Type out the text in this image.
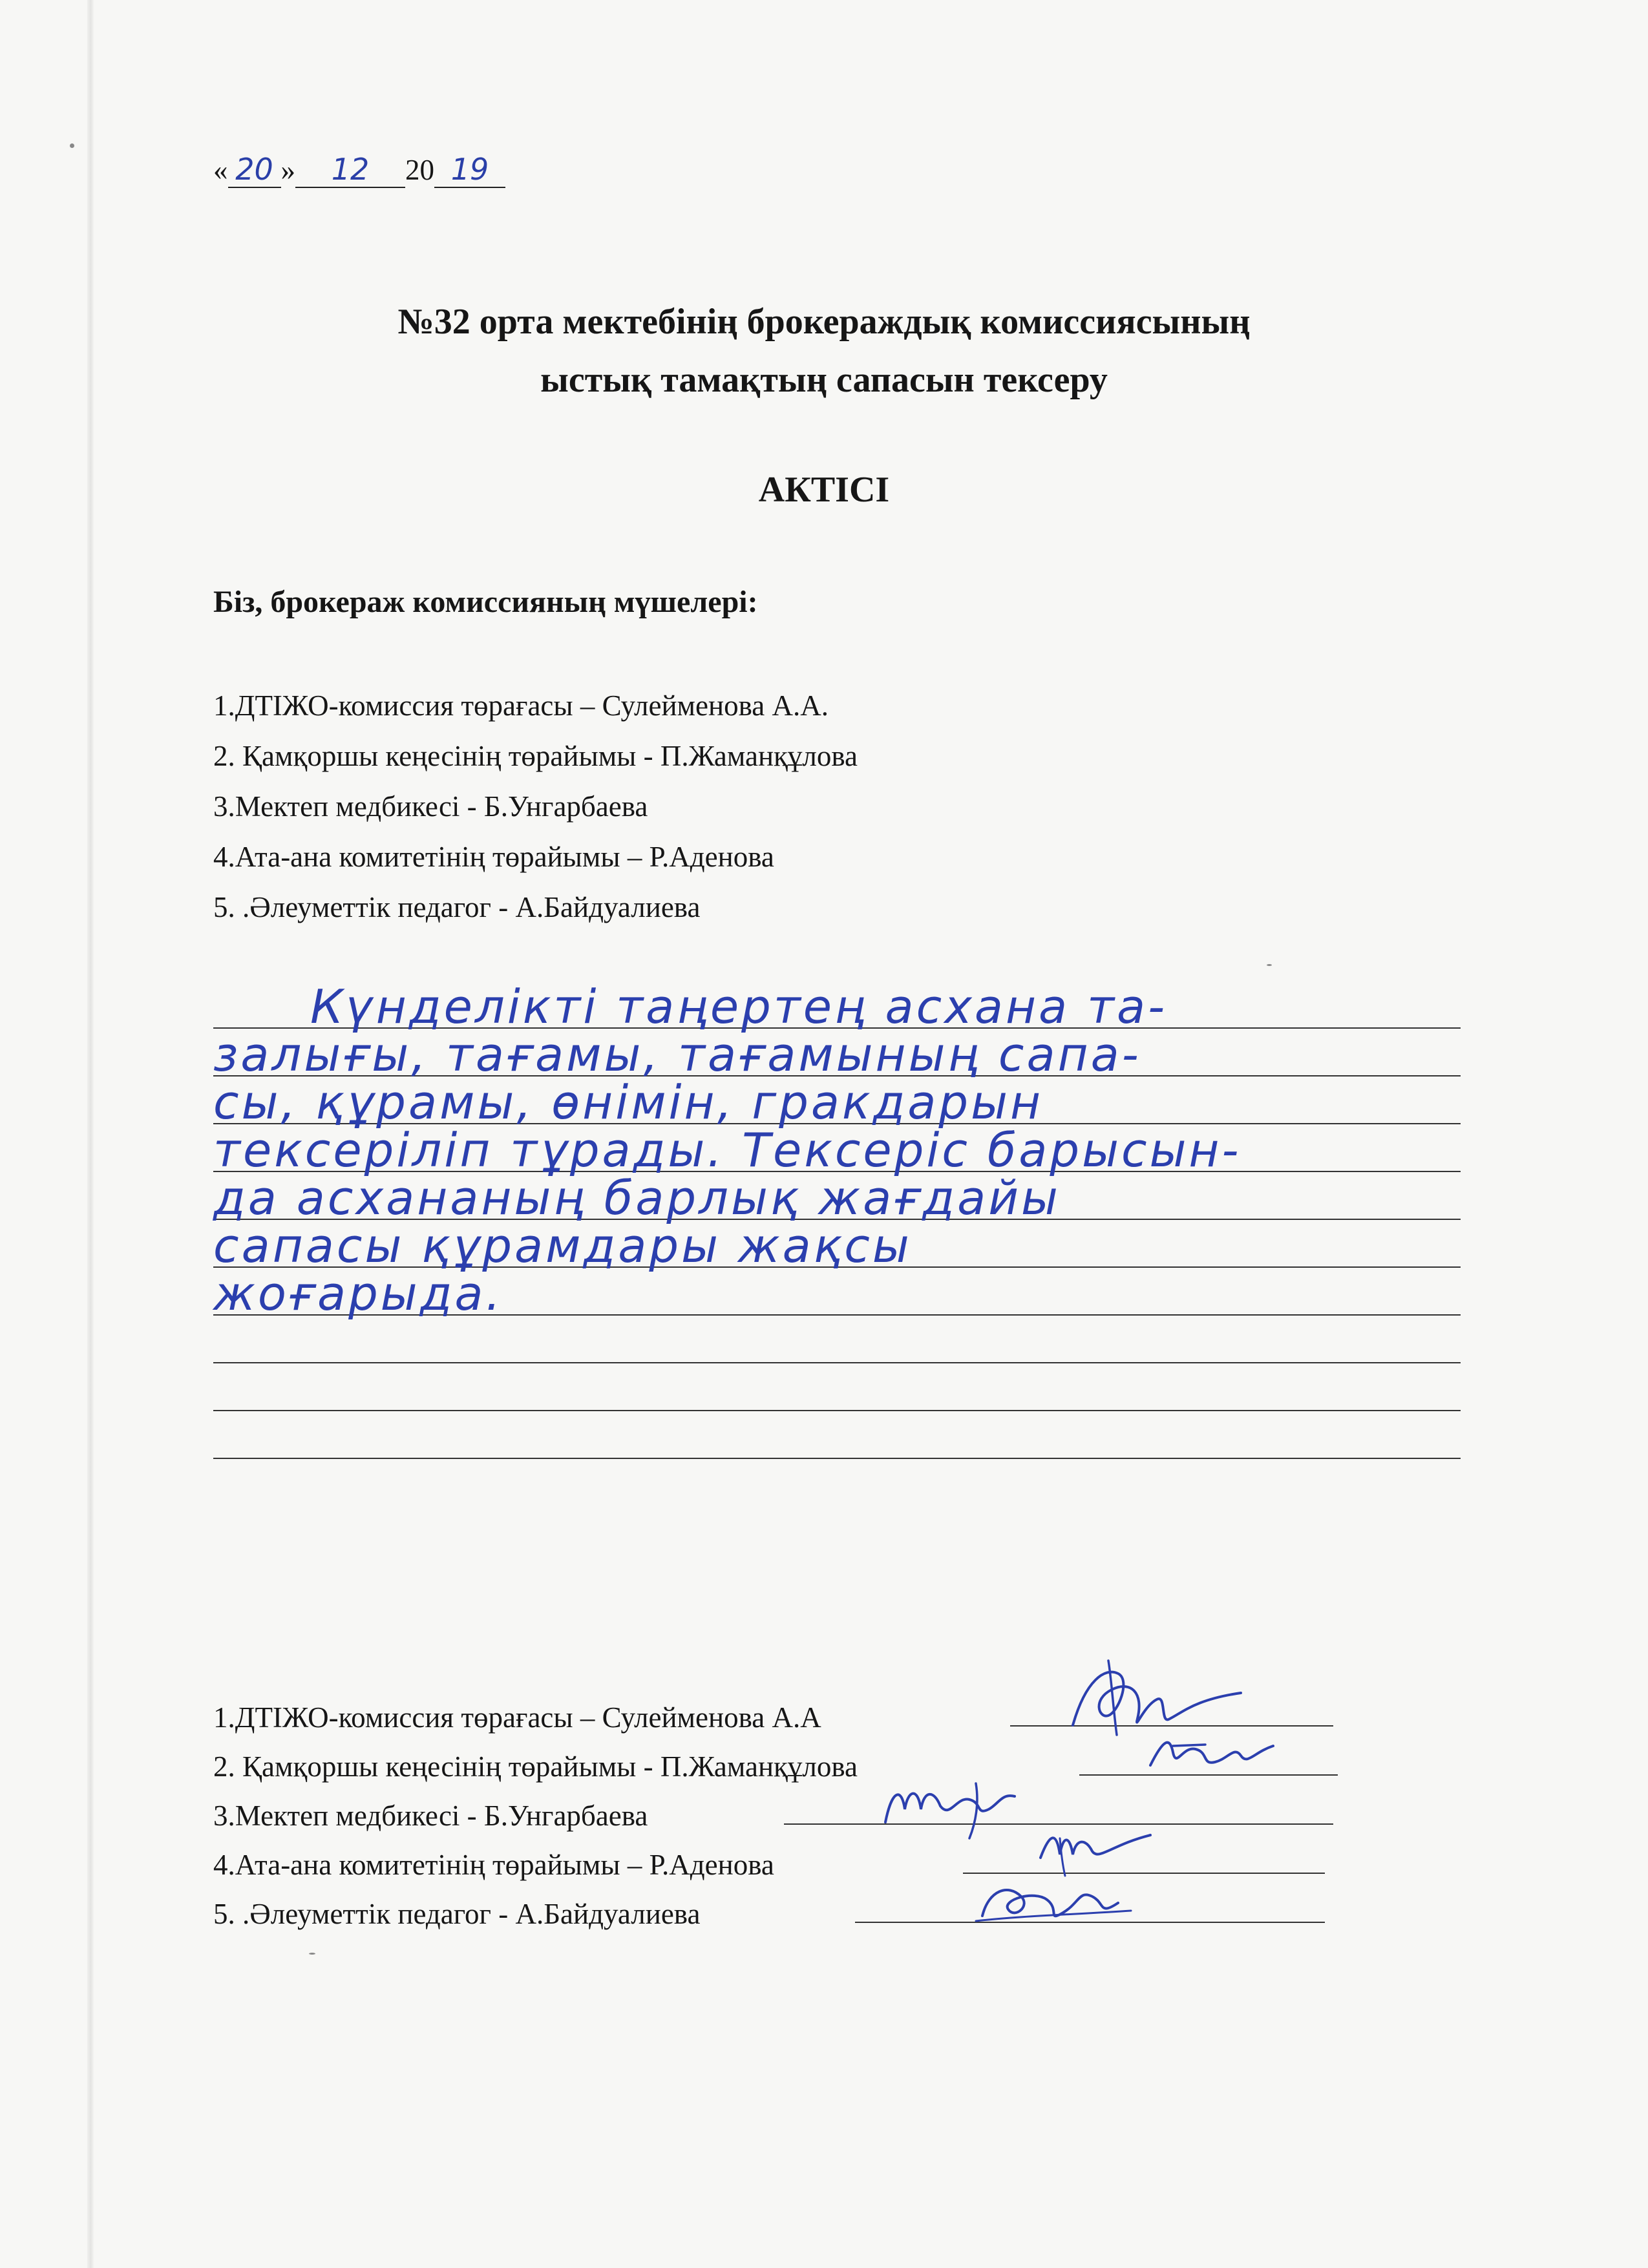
« 20 » 12 20 19
№32 орта мектебінің брокераждық комиссиясының
ыстық тамақтың сапасын тексеру
АКТІСІ
Біз, брокераж комиссияның мүшелері:
1.ДТІЖО-комиссия төрағасы – Сулейменова А.А.
2. Қамқоршы кеңесінің төрайымы - П.Жаманқұлова
3.Мектеп медбикесі - Б.Унгарбаева
4.Ата-ана комитетінің төрайымы – Р.Аденова
5. .Әлеуметтік педагог - А.Байдуалиева
Күнделікті таңертең асхана та-
залығы, тағамы, тағамының сапа-
сы, құрамы, өнімін, гракдарын
тексеріліп тұрады. Тексеріс барысын-
да асхананың барлық жағдайы
сапасы құрамдары жақсы
жоғарыда.
1.ДТІЖО-комиссия төрағасы – Сулейменова А.А
2. Қамқоршы кеңесінің төрайымы - П.Жаманқұлова
3.Мектеп медбикесі - Б.Унгарбаева
4.Ата-ана комитетінің төрайымы – Р.Аденова
5. .Әлеуметтік педагог - А.Байдуалиева
